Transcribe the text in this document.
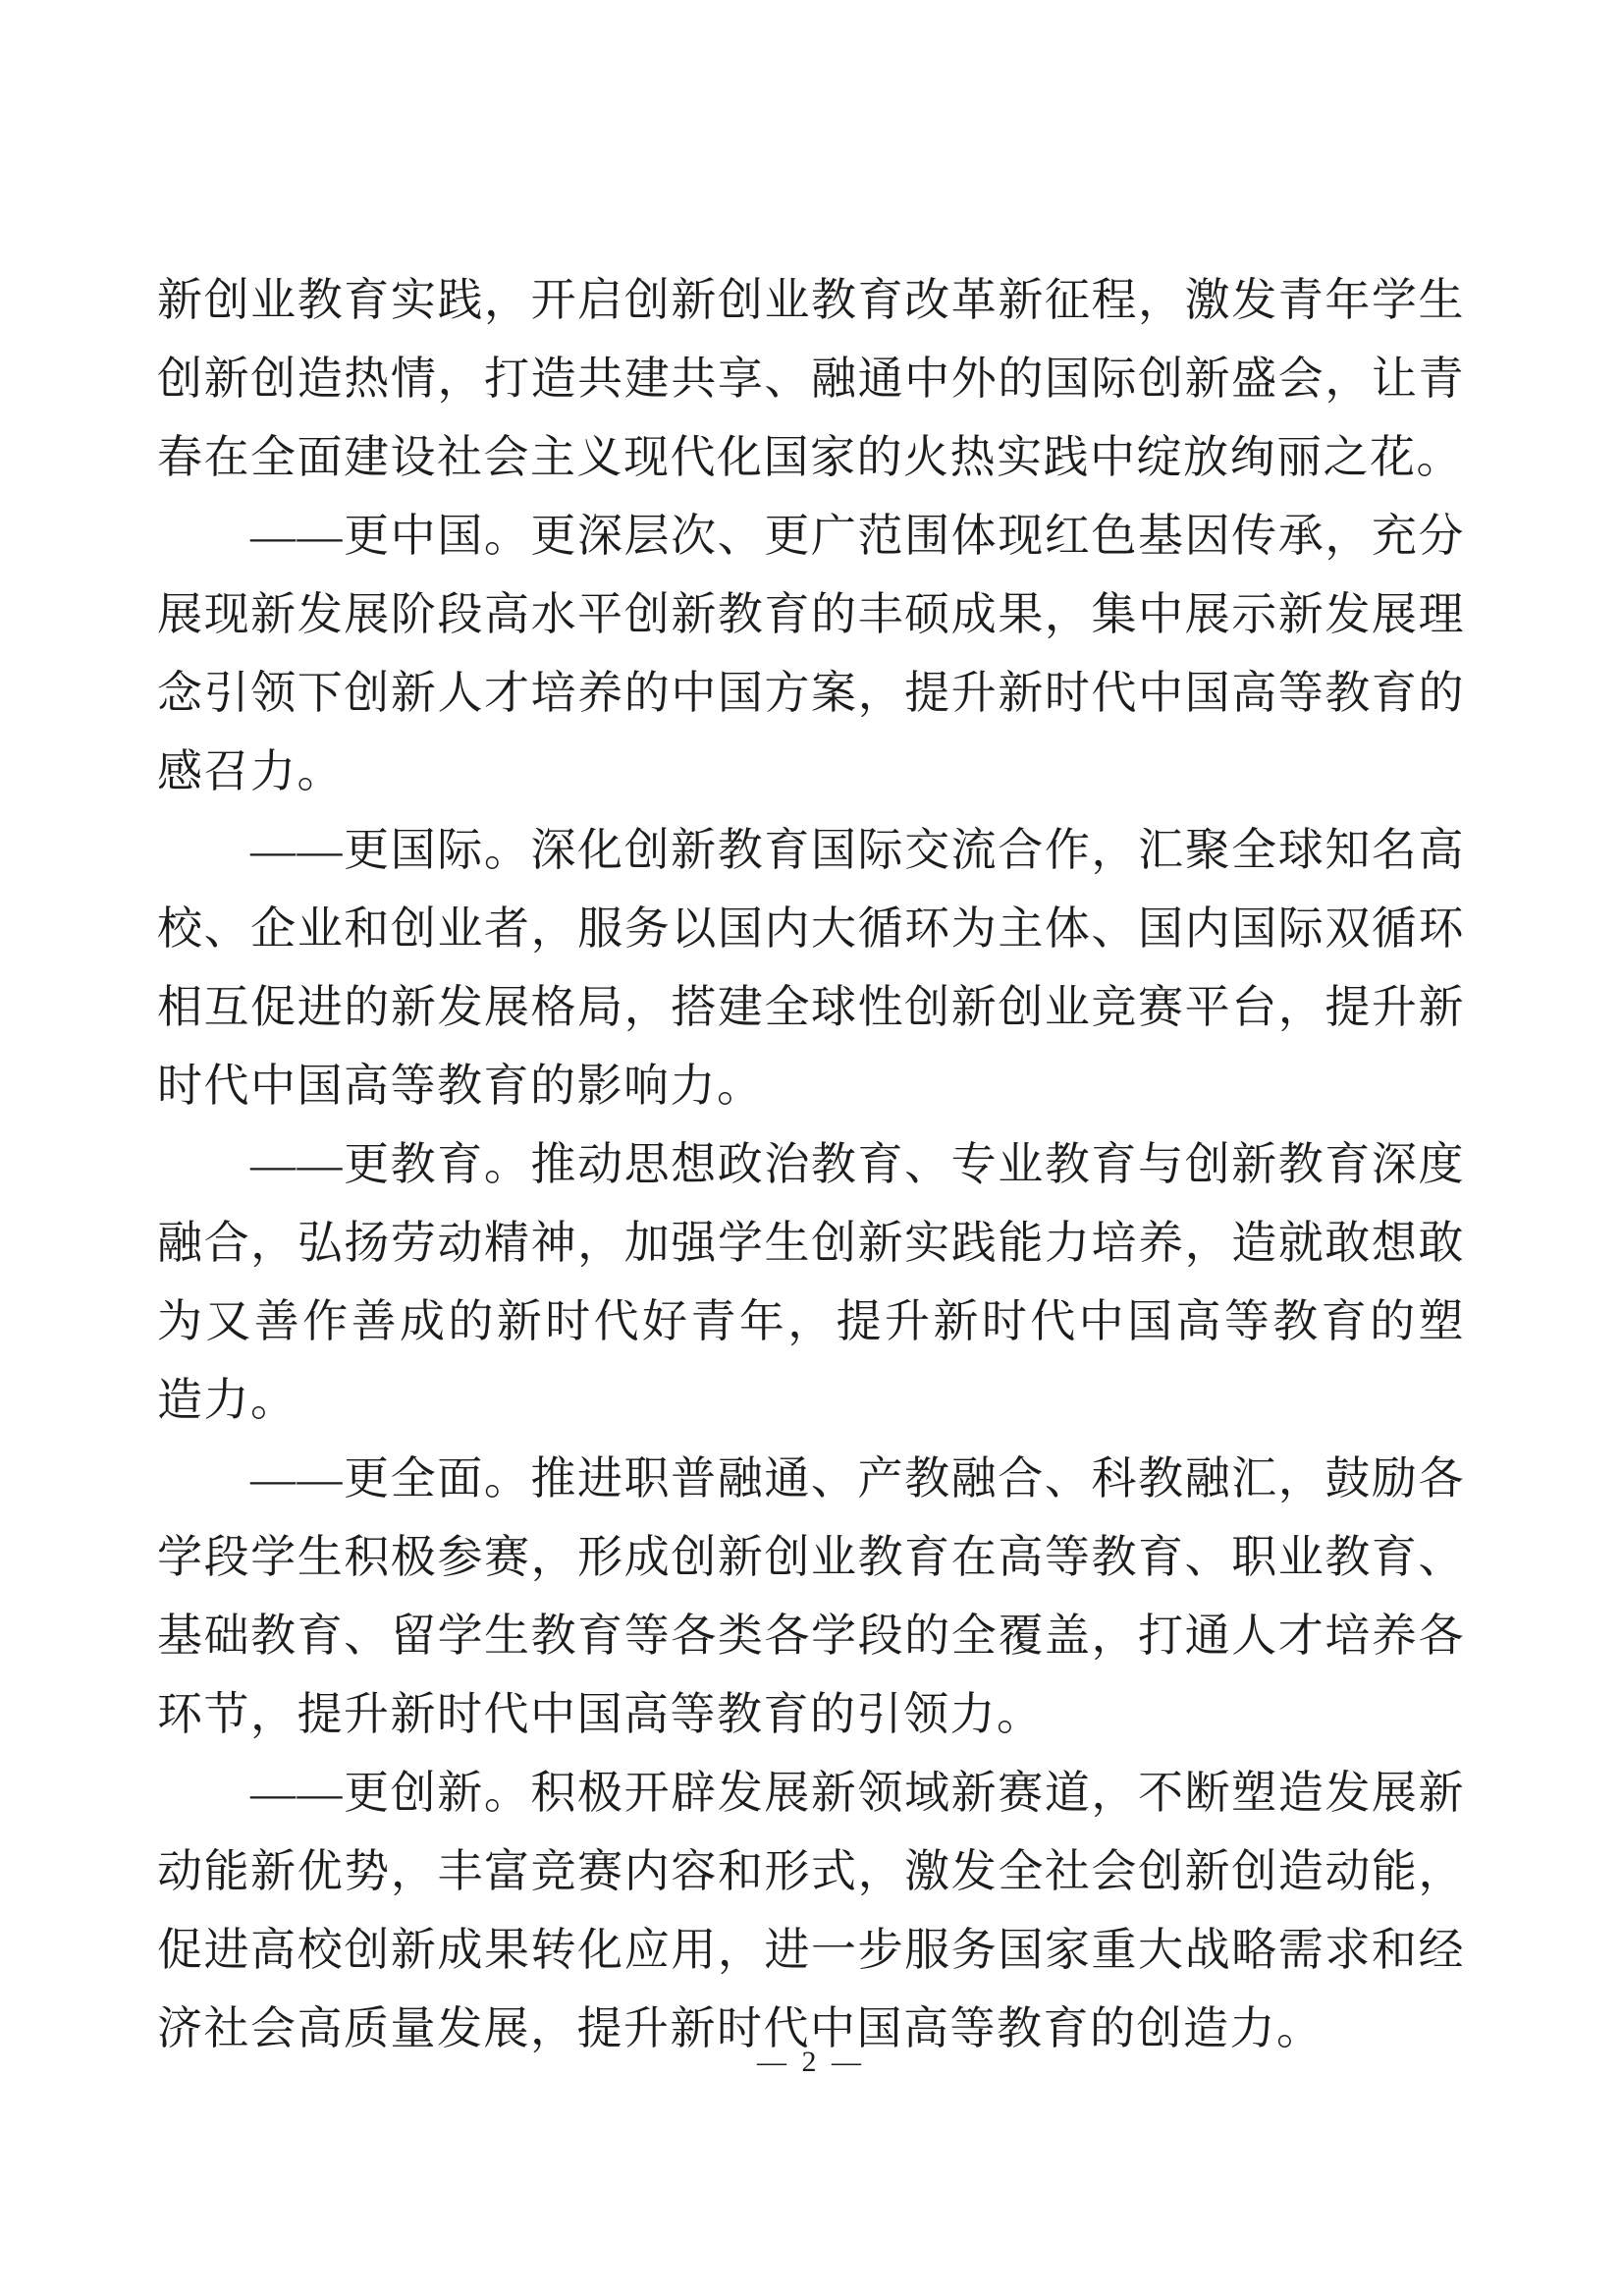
新创业教育实践，开启创新创业教育改革新征程，激发青年学生
创新创造热情，打造共建共享、融通中外的国际创新盛会，让青
春在全面建设社会主义现代化国家的火热实践中绽放绚丽之花。

——更中国。更深层次、更广范围体现红色基因传承，充分
展现新发展阶段高水平创新教育的丰硕成果，集中展示新发展理
念引领下创新人才培养的中国方案，提升新时代中国高等教育的
感召力。

——更国际。深化创新教育国际交流合作，汇聚全球知名高
校、企业和创业者，服务以国内大循环为主体、国内国际双循环
相互促进的新发展格局，搭建全球性创新创业竞赛平台，提升新
时代中国高等教育的影响力。

——更教育。推动思想政治教育、专业教育与创新教育深度
融合，弘扬劳动精神，加强学生创新实践能力培养，造就敢想敢
为又善作善成的新时代好青年，提升新时代中国高等教育的塑
造力。

——更全面。推进职普融通、产教融合、科教融汇，鼓励各
学段学生积极参赛，形成创新创业教育在高等教育、职业教育、
基础教育、留学生教育等各类各学段的全覆盖，打通人才培养各
环节，提升新时代中国高等教育的引领力。

——更创新。积极开辟发展新领域新赛道，不断塑造发展新
动能新优势，丰富竞赛内容和形式，激发全社会创新创造动能，
促进高校创新成果转化应用，进一步服务国家重大战略需求和经
济社会高质量发展，提升新时代中国高等教育的创造力。

— 2 —
